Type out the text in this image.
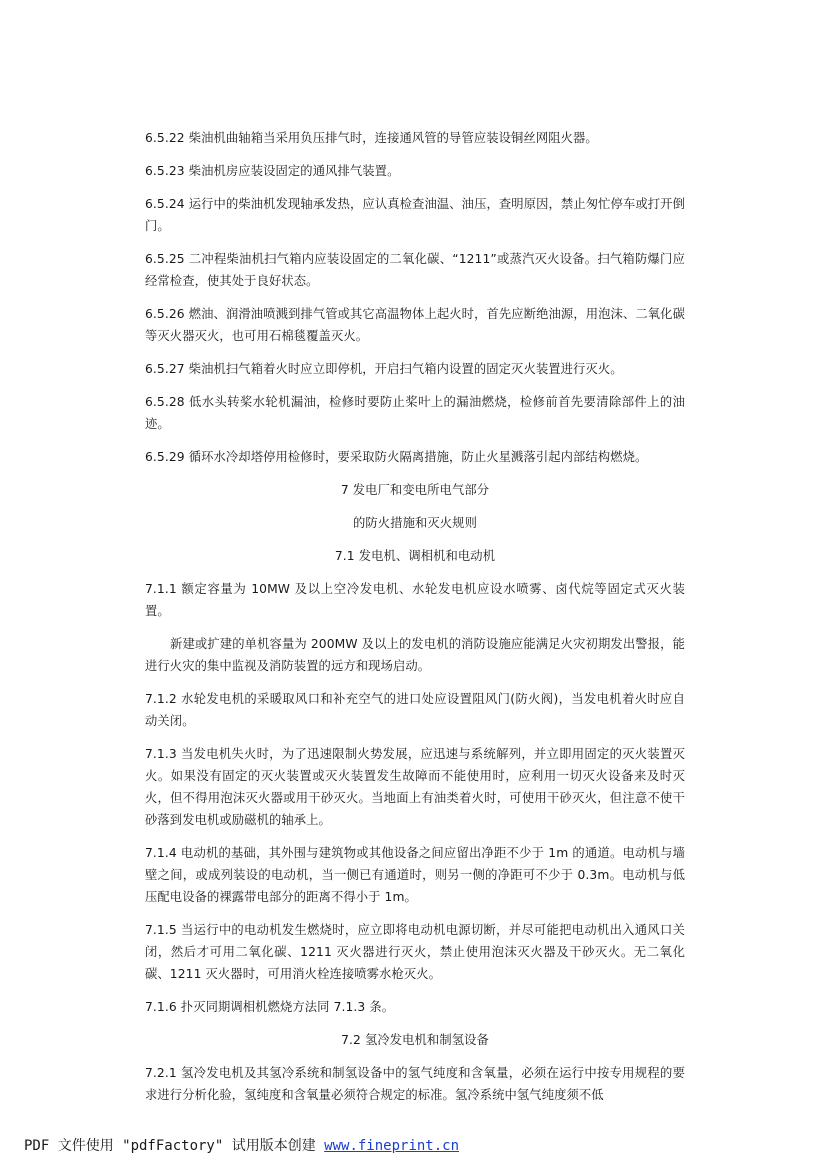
6.5.22 柴油机曲轴箱当采用负压排气时，连接通风管的导管应装设铜丝网阻火器。

6.5.23 柴油机房应装设固定的通风排气装置。

6.5.24 运行中的柴油机发现轴承发热，应认真检查油温、油压，查明原因，禁止匆忙停车或打开倒门。

6.5.25 二冲程柴油机扫气箱内应装设固定的二氧化碳、“1211”或蒸汽灭火设备。扫气箱防爆门应经常检查，使其处于良好状态。

6.5.26 燃油、润滑油喷溅到排气管或其它高温物体上起火时，首先应断绝油源，用泡沫、二氧化碳等灭火器灭火，也可用石棉毯覆盖灭火。

6.5.27 柴油机扫气箱着火时应立即停机，开启扫气箱内设置的固定灭火装置进行灭火。

6.5.28 低水头转桨水轮机漏油，检修时要防止桨叶上的漏油燃烧，检修前首先要清除部件上的油迹。

6.5.29 循环水冷却塔停用检修时，要采取防火隔离措施，防止火星溅落引起内部结构燃烧。

7 发电厂和变电所电气部分

的防火措施和灭火规则

7.1 发电机、调相机和电动机

7.1.1 额定容量为 10MW 及以上空冷发电机、水轮发电机应设水喷雾、卤代烷等固定式灭火装置。

新建或扩建的单机容量为 200MW 及以上的发电机的消防设施应能满足火灾初期发出警报，能进行火灾的集中监视及消防装置的远方和现场启动。

7.1.2 水轮发电机的采暖取风口和补充空气的进口处应设置阻风门(防火阀)，当发电机着火时应自动关闭。

7.1.3 当发电机失火时，为了迅速限制火势发展，应迅速与系统解列，并立即用固定的灭火装置灭火。如果没有固定的灭火装置或灭火装置发生故障而不能使用时，应利用一切灭火设备来及时灭火，但不得用泡沫灭火器或用干砂灭火。当地面上有油类着火时，可使用干砂灭火，但注意不使干砂落到发电机或励磁机的轴承上。

7.1.4 电动机的基础，其外围与建筑物或其他设备之间应留出净距不少于 1m 的通道。电动机与墙壁之间，或成列装设的电动机，当一侧已有通道时，则另一侧的净距可不少于 0.3m。电动机与低压配电设备的裸露带电部分的距离不得小于 1m。

7.1.5 当运行中的电动机发生燃烧时，应立即将电动机电源切断，并尽可能把电动机出入通风口关闭，然后才可用二氧化碳、1211 灭火器进行灭火，禁止使用泡沫灭火器及干砂灭火。无二氧化碳、1211 灭火器时，可用消火栓连接喷雾水枪灭火。

7.1.6 扑灭同期调相机燃烧方法同 7.1.3 条。

7.2 氢冷发电机和制氢设备

7.2.1 氢冷发电机及其氢冷系统和制氢设备中的氢气纯度和含氧量，必须在运行中按专用规程的要求进行分析化验，氢纯度和含氧量必须符合规定的标准。氢冷系统中氢气纯度须不低

PDF 文件使用 "pdfFactory" 试用版本创建 www.fineprint.cn
